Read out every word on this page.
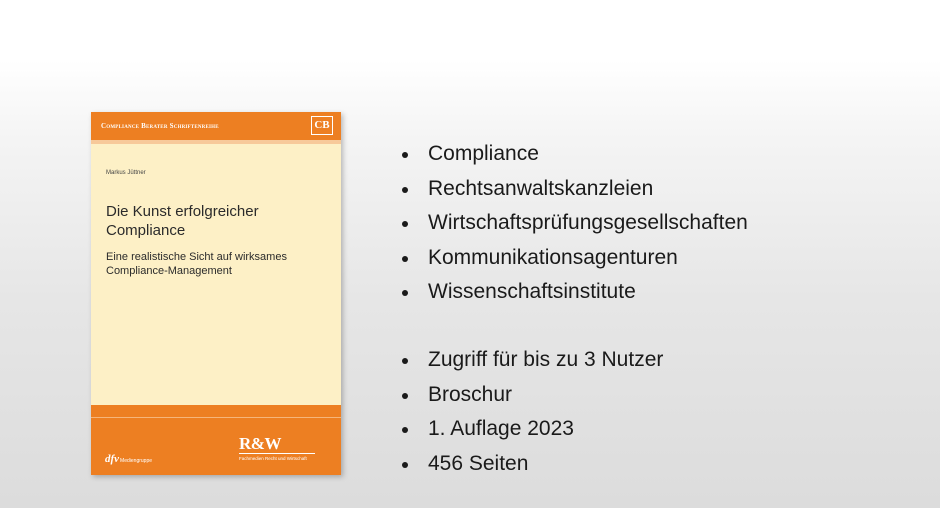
Compliance Berater Schriftenreihe	CB
Markus Jüttner
Die Kunst erfolgreicher Compliance
Eine realistische Sicht auf wirksames Compliance-Management
dfvMediengruppe
R&W
Fachmedien Recht und Wirtschaft
Compliance
Rechtsanwaltskanzleien
Wirtschaftsprüfungsgesellschaften
Kommunikationsagenturen
Wissenschaftsinstitute
Zugriff für bis zu 3 Nutzer
Broschur
1. Auflage 2023
456 Seiten
